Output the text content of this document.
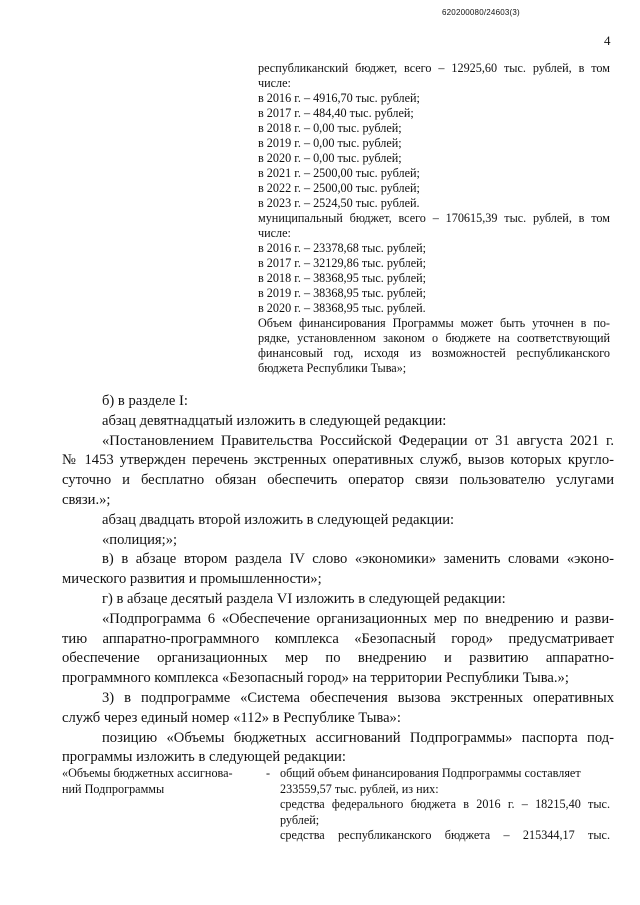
620200080/24603(3)
4
республиканский бюджет, всего – 12925,60 тыс. рублей, в том
числе:
в 2016 г. – 4916,70 тыс. рублей;
в 2017 г. – 484,40 тыс. рублей;
в 2018 г. – 0,00 тыс. рублей;
в 2019 г. – 0,00 тыс. рублей;
в 2020 г. – 0,00 тыс. рублей;
в 2021 г. – 2500,00 тыс. рублей;
в 2022 г. – 2500,00 тыс. рублей;
в 2023 г. – 2524,50 тыс. рублей.
муниципальный бюджет, всего – 170615,39 тыс. рублей, в том
числе:
в 2016 г. – 23378,68 тыс. рублей;
в 2017 г. – 32129,86 тыс. рублей;
в 2018 г. – 38368,95 тыс. рублей;
в 2019 г. – 38368,95 тыс. рублей;
в 2020 г. – 38368,95 тыс. рублей.
Объем финансирования Программы может быть уточнен в по-
рядке, установленном законом о бюджете на соответствующий
финансовый год, исходя из возможностей республиканского
бюджета Республики Тыва»;
б) в разделе I:
абзац девятнадцатый изложить в следующей редакции:
«Постановлением Правительства Российской Федерации от 31 августа 2021 г.
№ 1453 утвержден перечень экстренных оперативных служб, вызов которых кругло-
суточно и бесплатно обязан обеспечить оператор связи пользователю услугами
связи.»;
абзац двадцать второй изложить в следующей редакции:
«полиция;»;
в) в абзаце втором раздела IV слово «экономики» заменить словами «эконо-
мического развития и промышленности»;
г) в абзаце десятый раздела VI изложить в следующей редакции:
«Подпрограмма 6 «Обеспечение организационных мер по внедрению и разви-
тию аппаратно-программного комплекса «Безопасный город» предусматривает
обеспечение организационных мер по внедрению и развитию аппаратно-
программного комплекса «Безопасный город» на территории Республики Тыва.»;
3) в подпрограмме «Система обеспечения вызова экстренных оперативных
служб через единый номер «112» в Республике Тыва»:
позицию «Объемы бюджетных ассигнований Подпрограммы» паспорта под-
программы изложить в следующей редакции:
«Объемы бюджетных ассигнова-
ний Подпрограммы
- общий объем финансирования Подпрограммы составляет
233559,57 тыс. рублей, из них:
средства федерального бюджета в 2016 г. – 18215,40 тыс.
рублей;
средства республиканского бюджета – 215344,17 тыс.
